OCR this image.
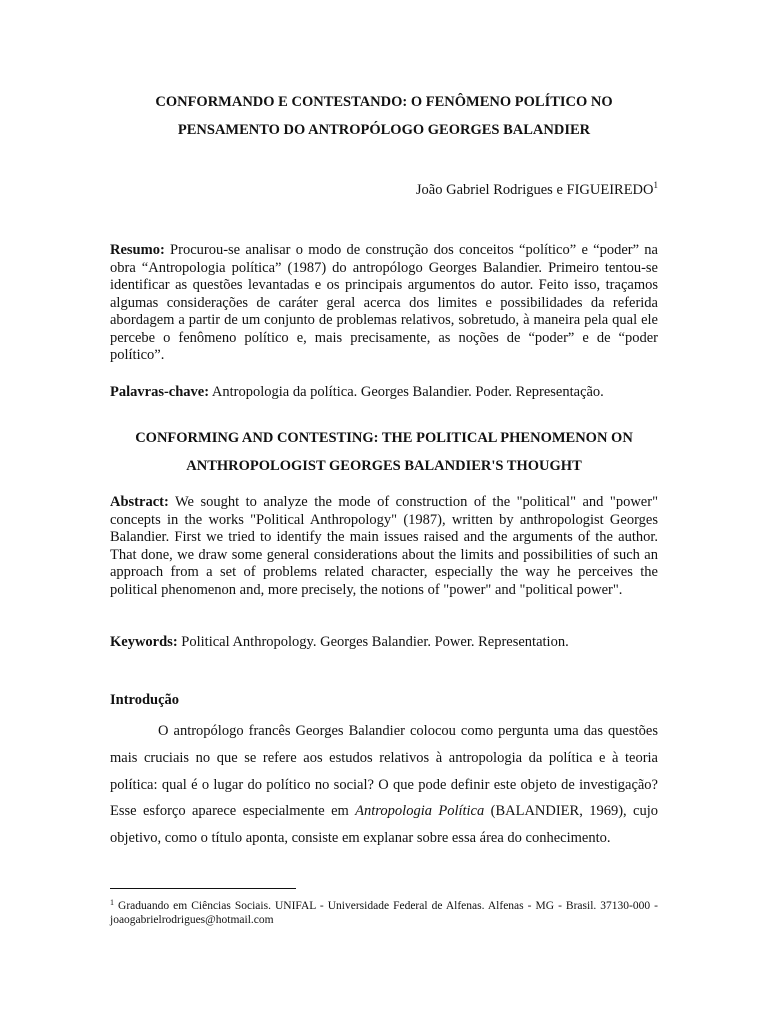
CONFORMANDO E CONTESTANDO: O FENÔMENO POLÍTICO NO PENSAMENTO DO ANTROPÓLOGO GEORGES BALANDIER
João Gabriel Rodrigues e FIGUEIREDO$^1$

Resumo: Procurou-se analisar o modo de construção dos conceitos “político” e “poder” na obra “Antropologia política” (1987) do antropólogo Georges Balandier. Primeiro tentou-se identificar as questões levantadas e os principais argumentos do autor. Feito isso, traçamos algumas considerações de caráter geral acerca dos limites e possibilidades da referida abordagem a partir de um conjunto de problemas relativos, sobretudo, à maneira pela qual ele percebe o fenômeno político e, mais precisamente, as noções de “poder” e de “poder político”.

Palavras-chave: Antropologia da política. Georges Balandier. Poder. Representação.

CONFORMING AND CONTESTING: THE POLITICAL PHENOMENON ON ANTHROPOLOGIST GEORGES BALANDIER'S THOUGHT

Abstract: We sought to analyze the mode of construction of the "political" and "power" concepts in the works "Political Anthropology" (1987), written by anthropologist Georges Balandier. First we tried to identify the main issues raised and the arguments of the author. That done, we draw some general considerations about the limits and possibilities of such an approach from a set of problems related character, especially the way he perceives the political phenomenon and, more precisely, the notions of "power" and "political power".

Keywords: Political Anthropology. Georges Balandier. Power. Representation.

Introdução

O antropólogo francês Georges Balandier colocou como pergunta uma das questões mais cruciais no que se refere aos estudos relativos à antropologia da política e à teoria política: qual é o lugar do político no social? O que pode definir este objeto de investigação? Esse esforço aparece especialmente em Antropologia Política (BALANDIER, 1969), cujo objetivo, como o título aponta, consiste em explanar sobre essa área do conhecimento.

$^1$ Graduando em Ciências Sociais. UNIFAL - Universidade Federal de Alfenas. Alfenas - MG - Brasil. 37130-000 -joaogabrielrodrigues@hotmail.com
